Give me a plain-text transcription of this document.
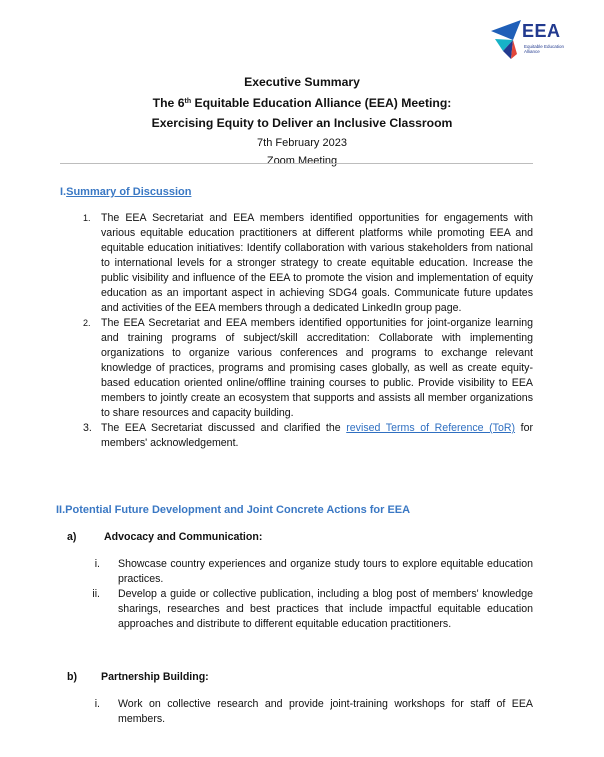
EEA
Equitable Education
Alliance
Executive Summary
The 6th Equitable Education Alliance (EEA) Meeting:
Exercising Equity to Deliver an Inclusive Classroom
7th February 2023
Zoom Meeting
I.Summary of Discussion
1. The EEA Secretariat and EEA members identified opportunities for engagements with various equitable education practitioners at different platforms while promoting EEA and equitable education initiatives: Identify collaboration with various stakeholders from national to international levels for a stronger strategy to create equitable education. Increase the public visibility and influence of the EEA to promote the vision and implementation of equity education as an important aspect in achieving SDG4 goals. Communicate future updates and activities of the EEA members through a dedicated LinkedIn group page.
2. The EEA Secretariat and EEA members identified opportunities for joint-organize learning and training programs of subject/skill accreditation: Collaborate with implementing organizations to organize various conferences and programs to exchange relevant knowledge of practices, programs and promising cases globally, as well as create equity-based education oriented online/offline training courses to public. Provide visibility to EEA members to jointly create an ecosystem that supports and assists all member organizations to share resources and capacity building.
3. The EEA Secretariat discussed and clarified the revised Terms of Reference (ToR) for members' acknowledgement.
II.Potential Future Development and Joint Concrete Actions for EEA
a)	Advocacy and Communication:
i. Showcase country experiences and organize study tours to explore equitable education practices.
ii. Develop a guide or collective publication, including a blog post of members' knowledge sharings, researches and best practices that include impactful equitable education approaches and distribute to different equitable education practitioners.
b) Partnership Building:
i. Work on collective research and provide joint-training workshops for staff of EEA members.
